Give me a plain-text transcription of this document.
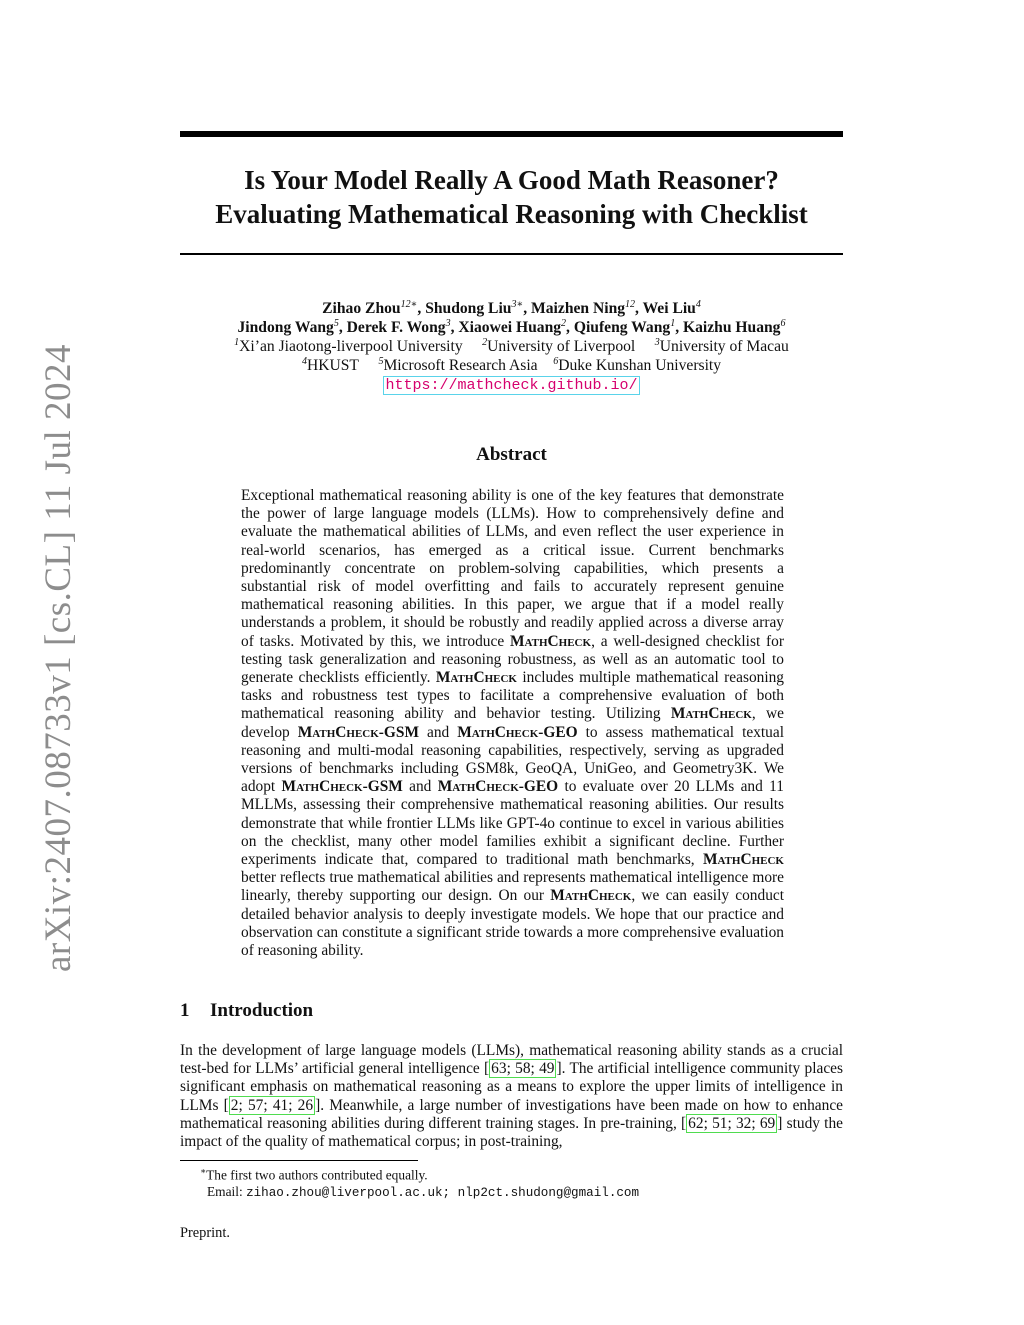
arXiv:2407.08733v1 [cs.CL] 11 Jul 2024
Is Your Model Really A Good Math Reasoner?
Evaluating Mathematical Reasoning with Checklist
Zihao Zhou$^{12∗}$, Shudong Liu$^{3∗}$, Maizhen Ning$^{12}$, Wei Liu$^4$
Jindong Wang$^5$, Derek F. Wong$^3$, Xiaowei Huang$^2$, Qiufeng Wang$^1$, Kaizhu Huang$^6$
$^1$Xi’an Jiaotong-liverpool University $^2$University of Liverpool $^3$University of Macau
$^4$HKUST $^5$Microsoft Research Asia $^6$Duke Kunshan University
https://mathcheck.github.io/
Abstract
Exceptional mathematical reasoning ability is one of the key features that demonstrate the power of large language models (LLMs). How to comprehensively define and evaluate the mathematical abilities of LLMs, and even reflect the user experience in real-world scenarios, has emerged as a critical issue. Current benchmarks predominantly concentrate on problem-solving capabilities, which presents a substantial risk of model overfitting and fails to accurately represent genuine mathematical reasoning abilities. In this paper, we argue that if a model really understands a problem, it should be robustly and readily applied across a diverse array of tasks. Motivated by this, we introduce MathCheck, a well-designed checklist for testing task generalization and reasoning robustness, as well as an automatic tool to generate checklists efficiently. MathCheck includes multiple mathematical reasoning tasks and robustness test types to facilitate a comprehensive evaluation of both mathematical reasoning ability and behavior testing. Utilizing MathCheck, we develop MathCheck-GSM and MathCheck-GEO to assess mathematical textual reasoning and multi-modal reasoning capabilities, respectively, serving as upgraded versions of benchmarks including GSM8k, GeoQA, UniGeo, and Geometry3K. We adopt MathCheck-GSM and MathCheck-GEO to evaluate over 20 LLMs and 11 MLLMs, assessing their comprehensive mathematical reasoning abilities. Our results demonstrate that while frontier LLMs like GPT-4o continue to excel in various abilities on the checklist, many other model families exhibit a significant decline. Further experiments indicate that, compared to traditional math benchmarks, MathCheck better reflects true mathematical abilities and represents mathematical intelligence more linearly, thereby supporting our design. On our MathCheck, we can easily conduct detailed behavior analysis to deeply investigate models. We hope that our practice and observation can constitute a significant stride towards a more comprehensive evaluation of reasoning ability.
1 Introduction
In the development of large language models (LLMs), mathematical reasoning ability stands as a crucial test-bed for LLMs’ artificial general intelligence [ 63; 58; 49 ]. The artificial intelligence community places significant emphasis on mathematical reasoning as a means to explore the upper limits of intelligence in LLMs [ 2; 57; 41; 26 ]. Meanwhile, a large number of investigations have been made on how to enhance mathematical reasoning abilities during different training stages. In pre-training, [ 62; 51; 32; 69 ] study the impact of the quality of mathematical corpus; in post-training,
∗The first two authors contributed equally.
Email: zihao.zhou@liverpool.ac.uk; nlp2ct.shudong@gmail.com
Preprint.
